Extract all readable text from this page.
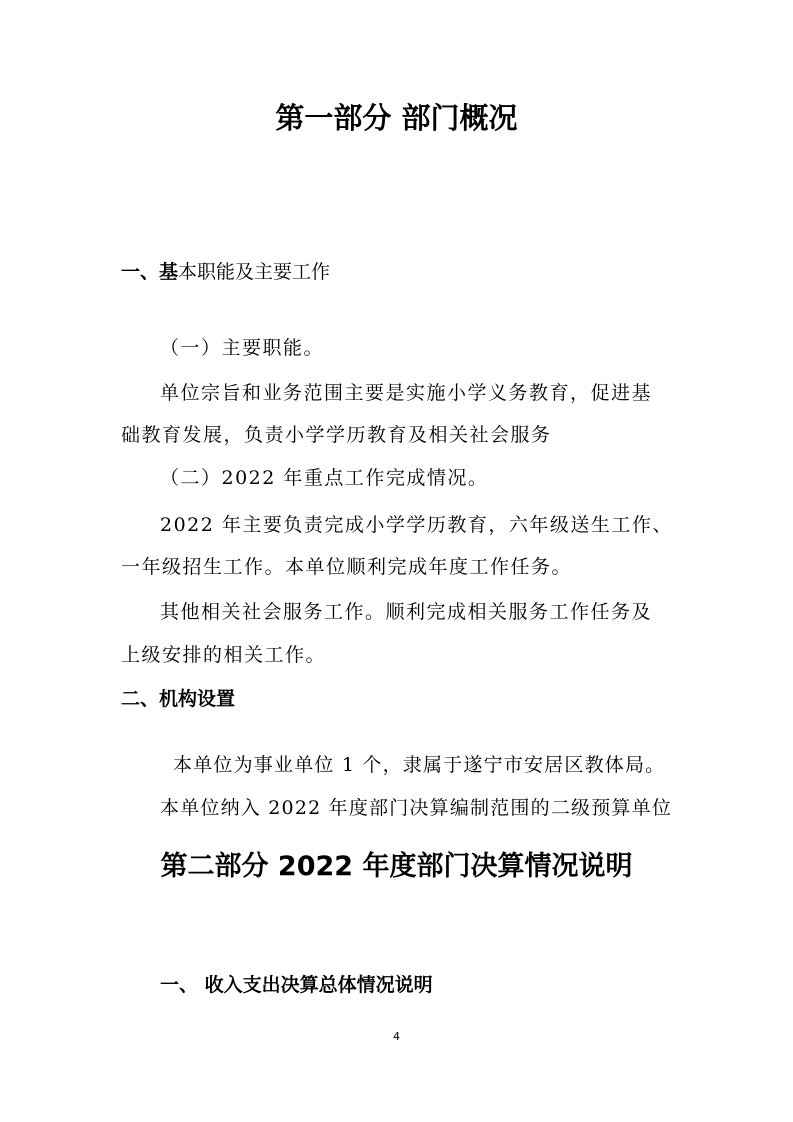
第一部分 部门概况
一、基本职能及主要工作

（一）主要职能。

单位宗旨和业务范围主要是实施小学义务教育，促进基

础教育发展，负责小学学历教育及相关社会服务

（二）2022 年重点工作完成情况。

2022 年主要负责完成小学学历教育，六年级送生工作、

一年级招生工作。本单位顺利完成年度工作任务。

其他相关社会服务工作。顺利完成相关服务工作任务及

上级安排的相关工作。

二、机构设置

本单位为事业单位 1 个，隶属于遂宁市安居区教体局。

本单位纳入 2022 年度部门决算编制范围的二级预算单位

第二部分 2022 年度部门决算情况说明
一、 收入支出决算总体情况说明
4
